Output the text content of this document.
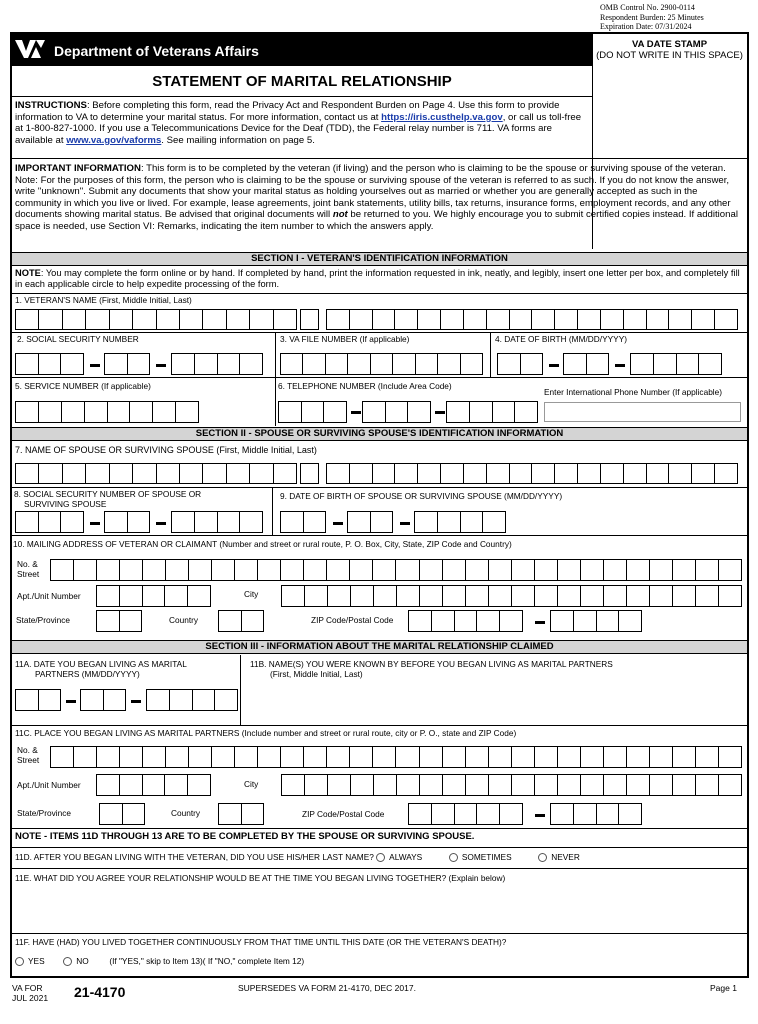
OMB Control No. 2900-0114
Respondent Burden: 25 Minutes
Expiration Date: 07/31/2024
Department of Veterans Affairs	VA DATE STAMP
(DO NOT WRITE IN THIS SPACE)
STATEMENT OF MARITAL RELATIONSHIP
INSTRUCTIONS: Before completing this form, read the Privacy Act and Respondent Burden on Page 4. Use this form to provide information to VA to determine your marital status. For more information, contact us at https://iris.custhelp.va.gov, or call us toll-free at 1-800-827-1000. If you use a Telecommunications Device for the Deaf (TDD), the Federal relay number is 711. VA forms are available at www.va.gov/vaforms. See mailing information on page 5.
IMPORTANT INFORMATION: This form is to be completed by the veteran (if living) and the person who is claiming to be the spouse or surviving spouse of the veteran. Note: For the purposes of this form, the person who is claiming to be the spouse or surviving spouse of the veteran is referred to as such. If you do not know the answer, write "unknown". Submit any documents that show your marital status as holding yourselves out as married or whether you are generally accepted as such in the community in which you live or lived. For example, lease agreements, joint bank statements, utility bills, tax returns, insurance forms, employment records, and any other documents showing marital status. Be advised that original documents will not be returned to you. We highly encourage you to submit certified copies instead. If additional space is needed, use Section VI: Remarks, indicating the item number to which the answers apply.
SECTION I - VETERAN'S IDENTIFICATION INFORMATION
NOTE: You may complete the form online or by hand. If completed by hand, print the information requested in ink, neatly, and legibly, insert one letter per box, and completely fill in each applicable circle to help expedite processing of the form.
1. VETERAN'S NAME (First, Middle Initial, Last)
2. SOCIAL SECURITY NUMBER	3. VA FILE NUMBER (If applicable)	4. DATE OF BIRTH (MM/DD/YYYY)
5. SERVICE NUMBER (If applicable)	6. TELEPHONE NUMBER (Include Area Code)
Enter International Phone Number (If applicable)
SECTION II - SPOUSE OR SURVIVING SPOUSE'S IDENTIFICATION INFORMATION
7. NAME OF SPOUSE OR SURVIVING SPOUSE (First, Middle Initial, Last)
8. SOCIAL SECURITY NUMBER OF SPOUSE OR
SURVIVING SPOUSE
9. DATE OF BIRTH OF SPOUSE OR SURVIVING SPOUSE (MM/DD/YYYY)
10. MAILING ADDRESS OF VETERAN OR CLAIMANT (Number and street or rural route, P. O. Box, City, State, ZIP Code and Country)
No. &
Street
Apt./Unit Number	City
State/Province	Country	ZIP Code/Postal Code
SECTION III - INFORMATION ABOUT THE MARITAL RELATIONSHIP CLAIMED
11A. DATE YOU BEGAN LIVING AS MARITAL
PARTNERS (MM/DD/YYYY)
11B. NAME(S) YOU WERE KNOWN BY BEFORE YOU BEGAN LIVING AS MARITAL PARTNERS
(First, Middle Initial, Last)
11C. PLACE YOU BEGAN LIVING AS MARITAL PARTNERS (Include number and street or rural route, city or P. O., state and ZIP Code)
No. &
Street
Apt./Unit Number	City
State/Province	Country	ZIP Code/Postal Code
NOTE - ITEMS 11D THROUGH 13 ARE TO BE COMPLETED BY THE SPOUSE OR SURVIVING SPOUSE.
11D. AFTER YOU BEGAN LIVING WITH THE VETERAN, DID YOU USE HIS/HER LAST NAME? ALWAYS	SOMETIMES	NEVER
11E. WHAT DID YOU AGREE YOUR RELATIONSHIP WOULD BE AT THE TIME YOU BEGAN LIVING TOGETHER? (Explain below)
11F. HAVE (HAD) YOU LIVED TOGETHER CONTINUOUSLY FROM THAT TIME UNTIL THIS DATE (OR THE VETERAN'S DEATH)?
YES	NO (If "YES," skip to Item 13)( If "NO," complete Item 12)
VA FOR
JUL 2021 21-4170	SUPERSEDES VA FORM 21-4170, DEC 2017.	Page 1
